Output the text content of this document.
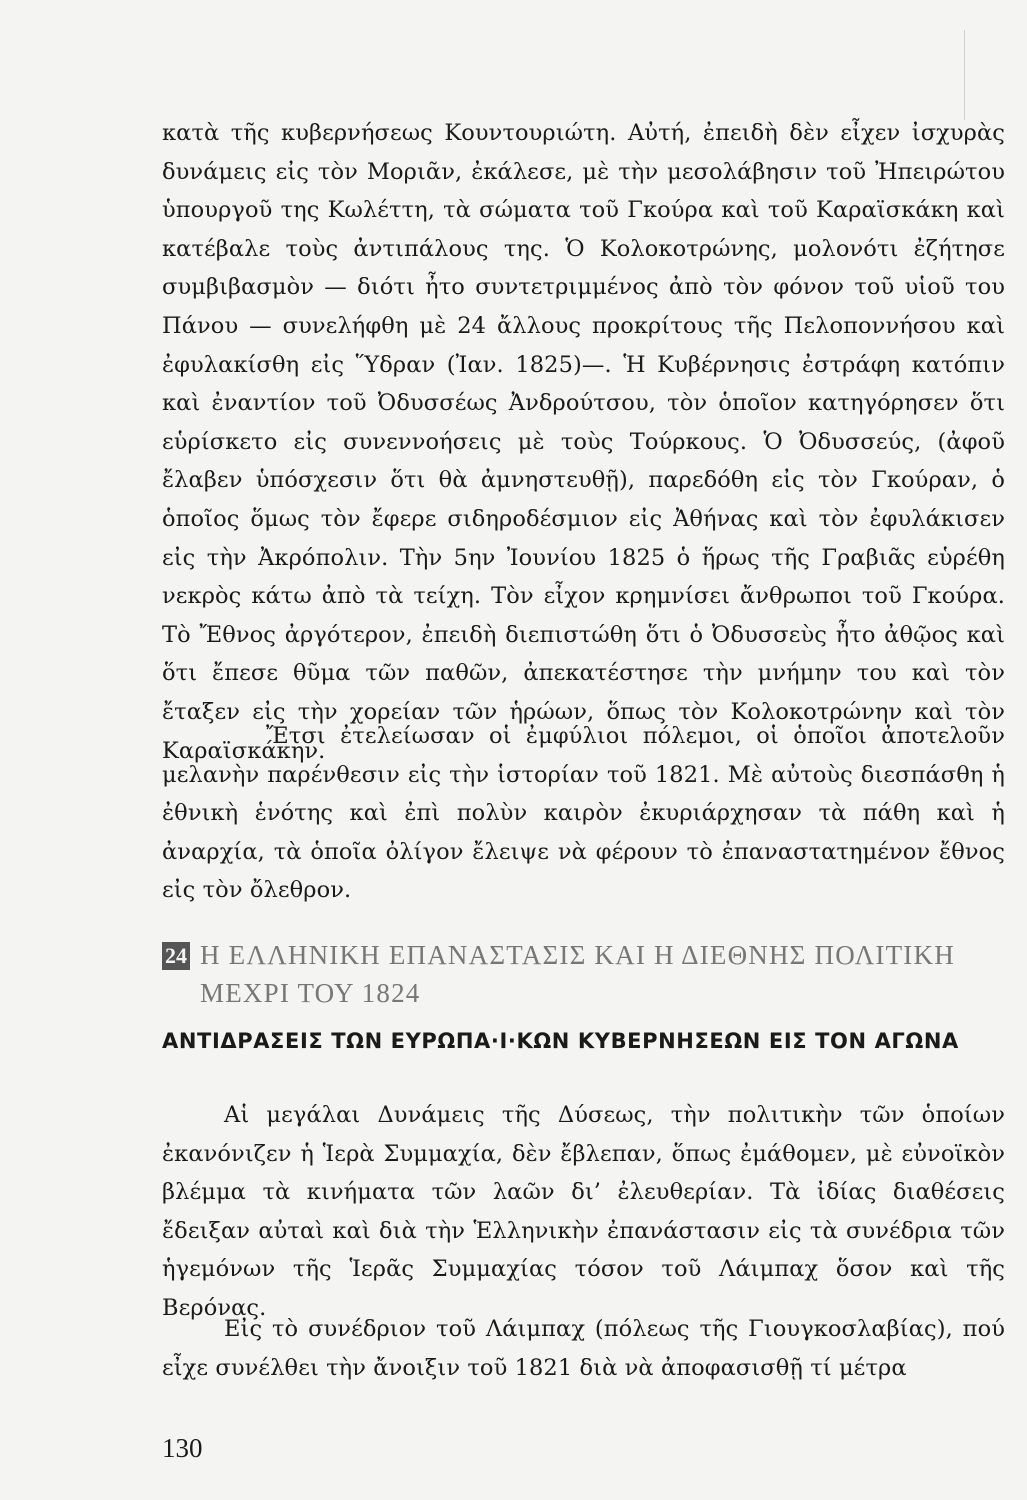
κατὰ τῆς κυβερνήσεως Κουντουριώτη. Αὐτή, ἐπειδὴ δὲν εἶχεν ἰσχυρὰς δυνάμεις εἰς τὸν Μοριᾶν, ἐκάλεσε, μὲ τὴν μεσολάβησιν τοῦ Ἠπειρώτου ὑπουργοῦ της Κωλέττη, τὰ σώματα τοῦ Γκούρα καὶ τοῦ Καραϊσκάκη καὶ κατέβαλε τοὺς ἀντιπάλους της. Ὁ Κολοκοτρώνης, μολονότι ἐζήτησε συμβιβασμὸν — διότι ἦτο συντετριμμένος ἀπὸ τὸν φόνον τοῦ υἱοῦ του Πάνου — συνελήφθη μὲ 24 ἄλλους προκρίτους τῆς Πελοποννήσου καὶ ἐφυλακίσθη εἰς Ὕδραν (Ἰαν. 1825)—. Ἡ Κυβέρνησις ἐστράφη κατόπιν καὶ ἐναντίον τοῦ Ὀδυσσέως Ἀνδρούτσου, τὸν ὁποῖον κατηγόρησεν ὅτι εὑρίσκετο εἰς συνεννοήσεις μὲ τοὺς Τούρκους. Ὁ Ὀδυσσεύς, (ἀφοῦ ἔλαβεν ὑπόσχεσιν ὅτι θὰ ἀμνηστευθῇ), παρεδόθη εἰς τὸν Γκούραν, ὁ ὁποῖος ὅμως τὸν ἔφερε σιδηροδέσμιον εἰς Ἀθήνας καὶ τὸν ἐφυλάκισεν εἰς τὴν Ἀκρόπολιν. Τὴν 5ην Ἰουνίου 1825 ὁ ἥρως τῆς Γραβιᾶς εὑρέθη νεκρὸς κάτω ἀπὸ τὰ τείχη. Τὸν εἶχον κρημνίσει ἄνθρωποι τοῦ Γκούρα. Τὸ Ἔθνος ἀργότερον, ἐπειδὴ διεπιστώθη ὅτι ὁ Ὀδυσσεὺς ἦτο ἀθῷος καὶ ὅτι ἔπεσε θῦμα τῶν παθῶν, ἀπεκατέστησε τὴν μνήμην του καὶ τὸν ἔταξεν εἰς τὴν χορείαν τῶν ἡρώων, ὅπως τὸν Κολοκοτρώνην καὶ τὸν Καραϊσκάκην.

Ἔτσι ἐτελείωσαν οἱ ἐμφύλιοι πόλεμοι, οἱ ὁποῖοι ἀποτελοῦν μελανὴν παρένθεσιν εἰς τὴν ἱστορίαν τοῦ 1821. Μὲ αὐτοὺς διεσπάσθη ἡ ἐθνικὴ ἑνότης καὶ ἐπὶ πολὺν καιρὸν ἐκυριάρχησαν τὰ πάθη καὶ ἡ ἀναρχία, τὰ ὁποῖα ὀλίγον ἔλειψε νὰ φέρουν τὸ ἐπαναστατημένον ἔθνος εἰς τὸν ὄλεθρον.

24 Η ΕΛΛΗΝΙΚΗ ΕΠΑΝΑΣΤΑΣΙΣ ΚΑΙ Η ΔΙΕΘΝΗΣ ΠΟΛΙΤΙΚΗ ΜΕΧΡΙ ΤΟΥ 1824
ΑΝΤΙΔΡΑΣΕΙΣ ΤΩΝ ΕΥΡΩΠΑ·Ι·ΚΩΝ ΚΥΒΕΡΝΗΣΕΩΝ ΕΙΣ ΤΟΝ ΑΓΩΝΑ

Αἱ μεγάλαι Δυνάμεις τῆς Δύσεως, τὴν πολιτικὴν τῶν ὁποίων ἐκανόνιζεν ἡ Ἱερὰ Συμμαχία, δὲν ἔβλεπαν, ὅπως ἐμάθομεν, μὲ εὐνοϊκὸν βλέμμα τὰ κινήματα τῶν λαῶν δι’ ἐλευθερίαν. Τὰ ἰδίας διαθέσεις ἔδειξαν αὐταὶ καὶ διὰ τὴν Ἑλληνικὴν ἐπανάστασιν εἰς τὰ συνέδρια τῶν ἡγεμόνων τῆς Ἱερᾶς Συμμαχίας τόσον τοῦ Λάιμπαχ ὅσον καὶ τῆς Βερόνας.

Εἰς τὸ συνέδριον τοῦ Λάιμπαχ (πόλεως τῆς Γιουγκοσλαβίας), πού εἶχε συνέλθει τὴν ἄνοιξιν τοῦ 1821 διὰ νὰ ἀποφασισθῇ τί μέτρα

130
